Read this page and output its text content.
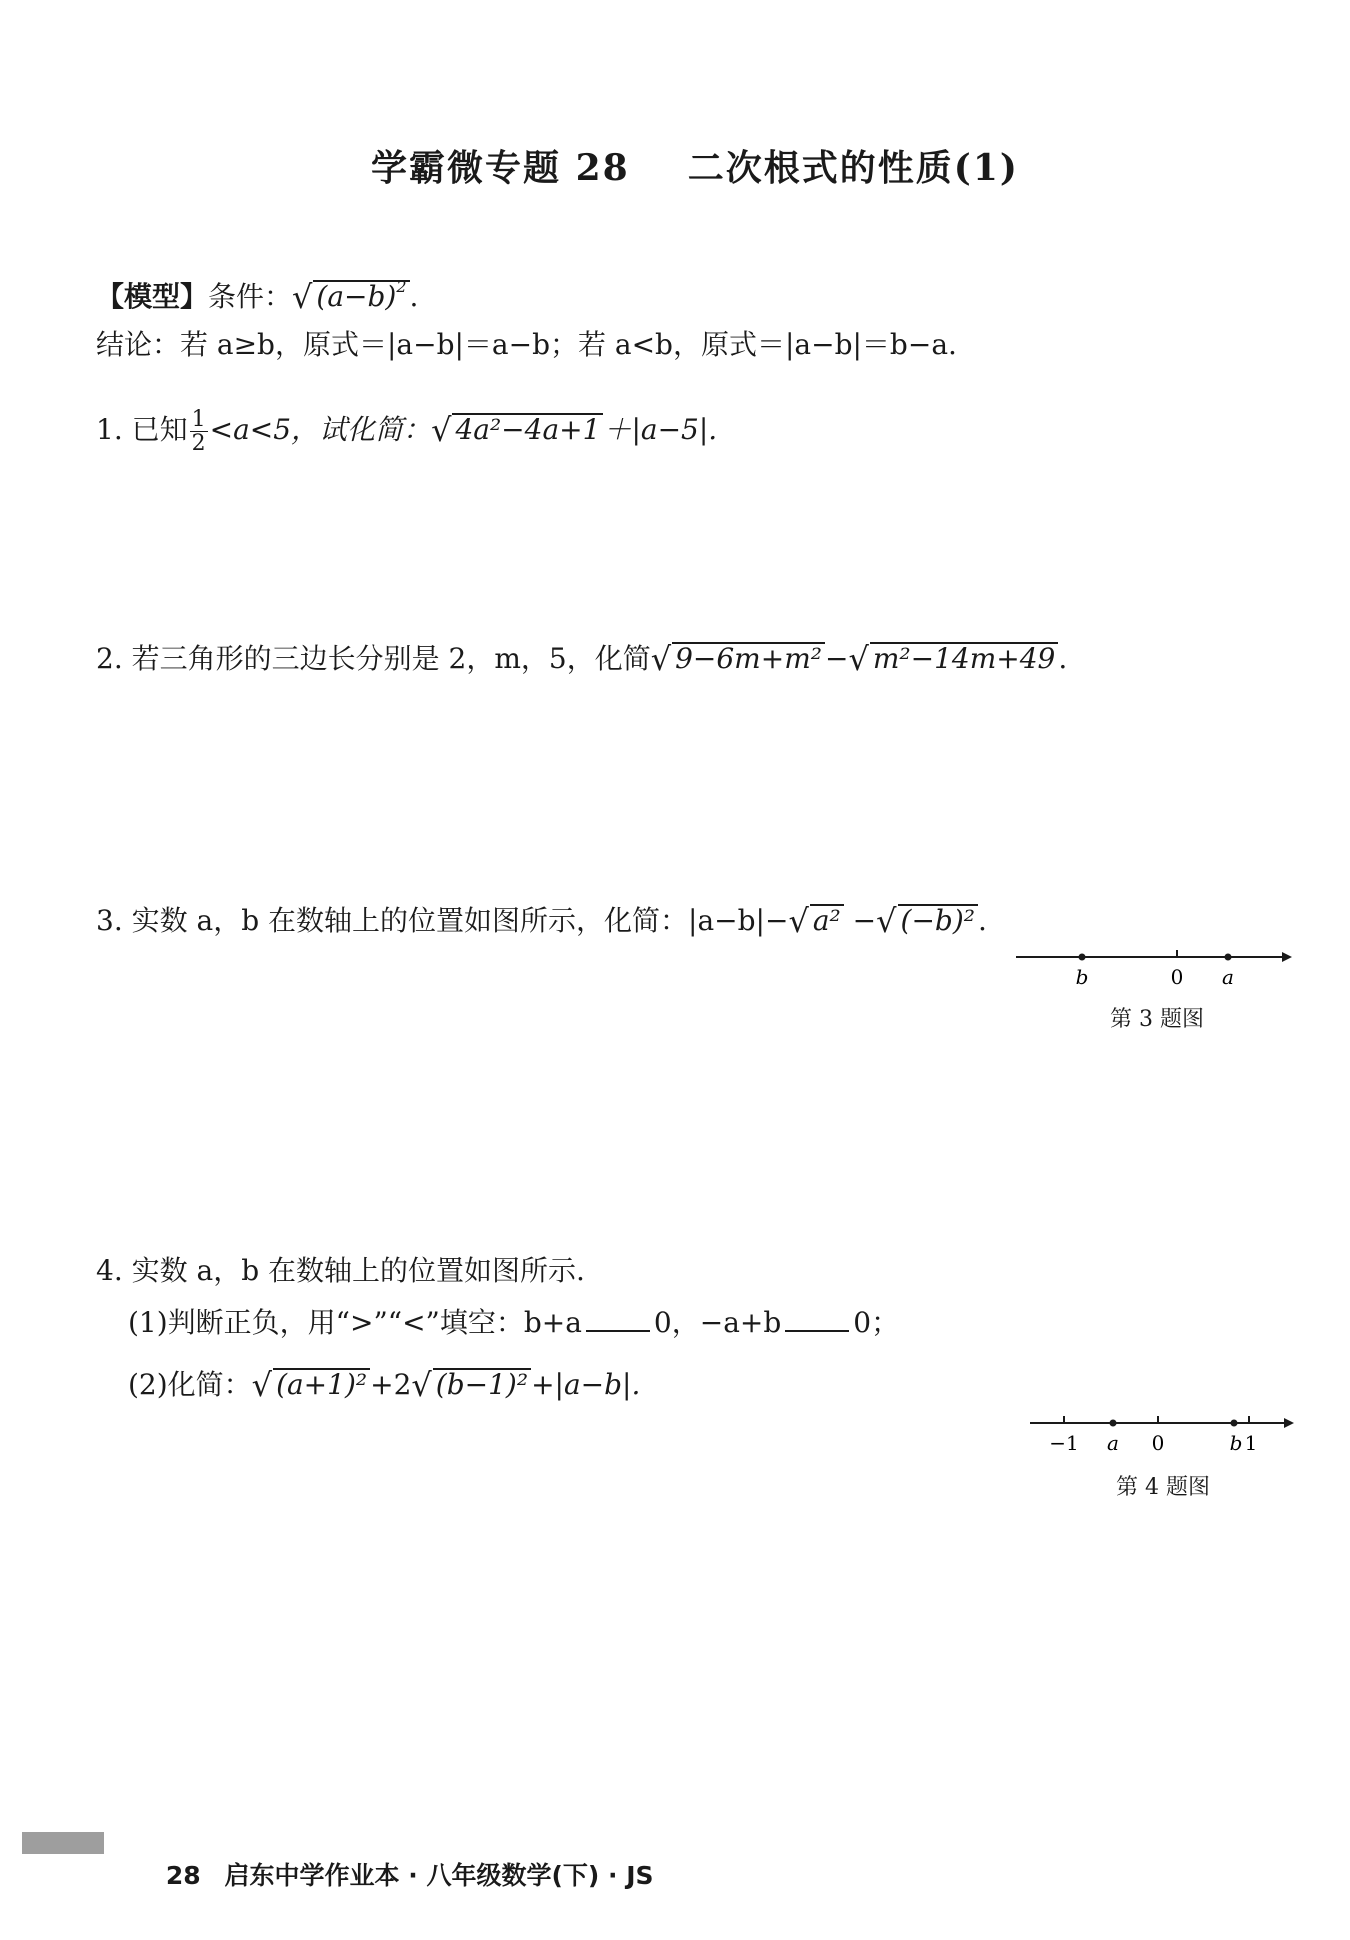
学霸微专题 28    二次根式的性质(1)
【模型】条件：√ $(a-b)^2$ .
结论：若 a≥b，原式＝|a−b|＝a−b；若 a<b，原式＝|a−b|＝b−a.
1. 已知 $\frac{1}{2} <a<5$，试化简：√ 4a²−4a+1 ＋|a−5|.
2. 若三角形的三边长分别是 2，m，5，化简√ 9−6m+m² −√ m²−14m+49 .
3. 实数 a，b 在数轴上的位置如图所示，化简：|a−b|−√ a² −√ (−b)² .
b	0 a
第 3 题图
4. 实数 a，b 在数轴上的位置如图所示.
(1)判断正负，用“>”“<”填空：b+a	0，−a+b	0；
(2)化简：√ (a+1)² +2√ (b−1)² +|a−b|.
−1 a 0	b 1
第 4 题图

28 启东中学作业本 · 八年级数学(下) · JS
